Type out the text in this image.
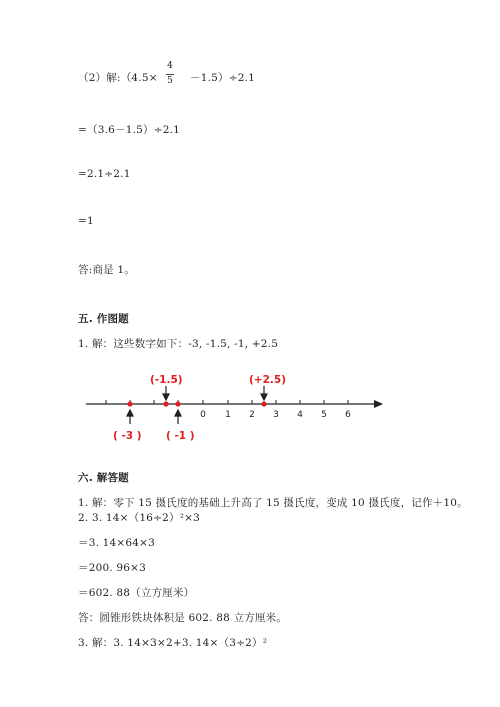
（2）解:（4.5×
4
5 －1.5）÷2.1
=（3.6－1.5）÷2.1
=2.1÷2.1
=1
答:商是 1。
五. 作图题
1. 解：这些数字如下：-3, -1.5, -1, +2.5
0 1 2 3 4 5 6
(-1.5)	(+2.5)
( -3 ) ( -1 )
六. 解答题
1. 解：零下 15 摄氏度的基础上升高了 15 摄氏度，变成 10 摄氏度，记作＋10。
2. 3. 14×（16÷2）²×3
＝3. 14×64×3
＝200. 96×3
＝602. 88（立方厘米）
答：圆锥形铁块体积是 602. 88 立方厘米。
3. 解：3. 14×3×2+3. 14×（3÷2）²
